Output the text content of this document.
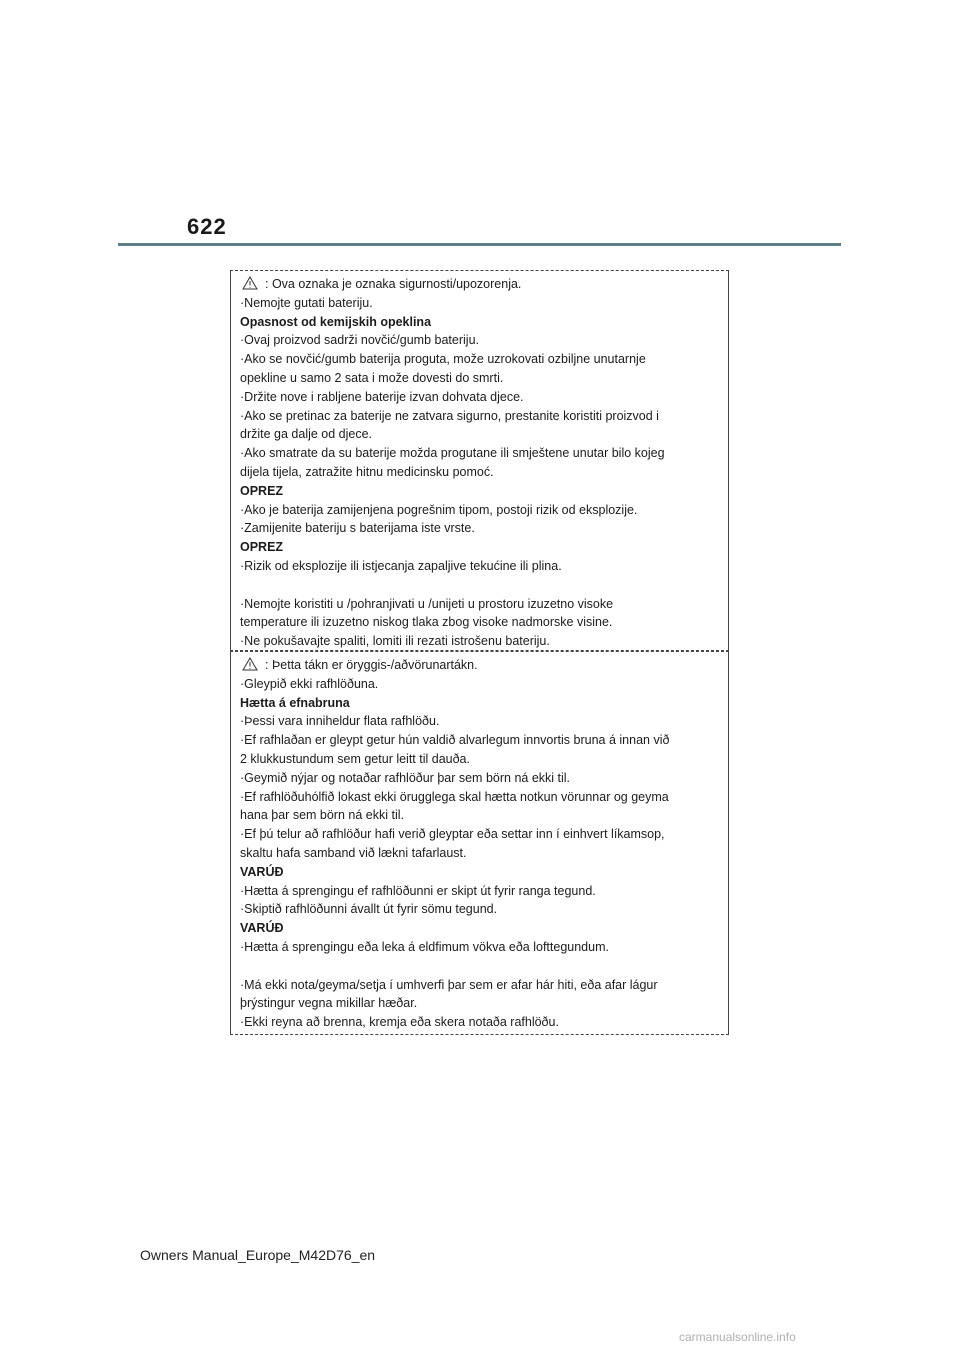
622
: Ova oznaka je oznaka sigurnosti/upozorenja.
·Nemojte gutati bateriju.
Opasnost od kemijskih opeklina
·Ovaj proizvod sadrži novčić/gumb bateriju.
·Ako se novčić/gumb baterija proguta, može uzrokovati ozbiljne unutarnje
opekline u samo 2 sata i može dovesti do smrti.
·Držite nove i rabljene baterije izvan dohvata djece.
·Ako se pretinac za baterije ne zatvara sigurno, prestanite koristiti proizvod i
držite ga dalje od djece.
·Ako smatrate da su baterije možda progutane ili smještene unutar bilo kojeg
dijela tijela, zatražite hitnu medicinsku pomoć.
OPREZ
·Ako je baterija zamijenjena pogrešnim tipom, postoji rizik od eksplozije.
·Zamijenite bateriju s baterijama iste vrste.
OPREZ
·Rizik od eksplozije ili istjecanja zapaljive tekućine ili plina.
·Nemojte koristiti u /pohranjivati u /unijeti u prostoru izuzetno visoke
temperature ili izuzetno niskog tlaka zbog visoke nadmorske visine.
·Ne pokušavajte spaliti, lomiti ili rezati istrošenu bateriju.
: Þetta tákn er öryggis-/aðvörunartákn.
·Gleypið ekki rafhlöðuna.
Hætta á efnabruna
·Þessi vara inniheldur flata rafhlöðu.
·Ef rafhlaðan er gleypt getur hún valdið alvarlegum innvortis bruna á innan við
2 klukkustundum sem getur leitt til dauða.
·Geymið nýjar og notaðar rafhlöður þar sem börn ná ekki til.
·Ef rafhlöðuhólfið lokast ekki örugglega skal hætta notkun vörunnar og geyma
hana þar sem börn ná ekki til.
·Ef þú telur að rafhlöður hafi verið gleyptar eða settar inn í einhvert líkamsop,
skaltu hafa samband við lækni tafarlaust.
VARÚÐ
·Hætta á sprengingu ef rafhlöðunni er skipt út fyrir ranga tegund.
·Skiptið rafhlöðunni ávallt út fyrir sömu tegund.
VARÚÐ
·Hætta á sprengingu eða leka á eldfimum vökva eða lofttegundum.
·Má ekki nota/geyma/setja í umhverfi þar sem er afar hár hiti, eða afar lágur
þrýstingur vegna mikillar hæðar.
·Ekki reyna að brenna, kremja eða skera notaða rafhlöðu.
Owners Manual_Europe_M42D76_en
carmanualsonline.info
